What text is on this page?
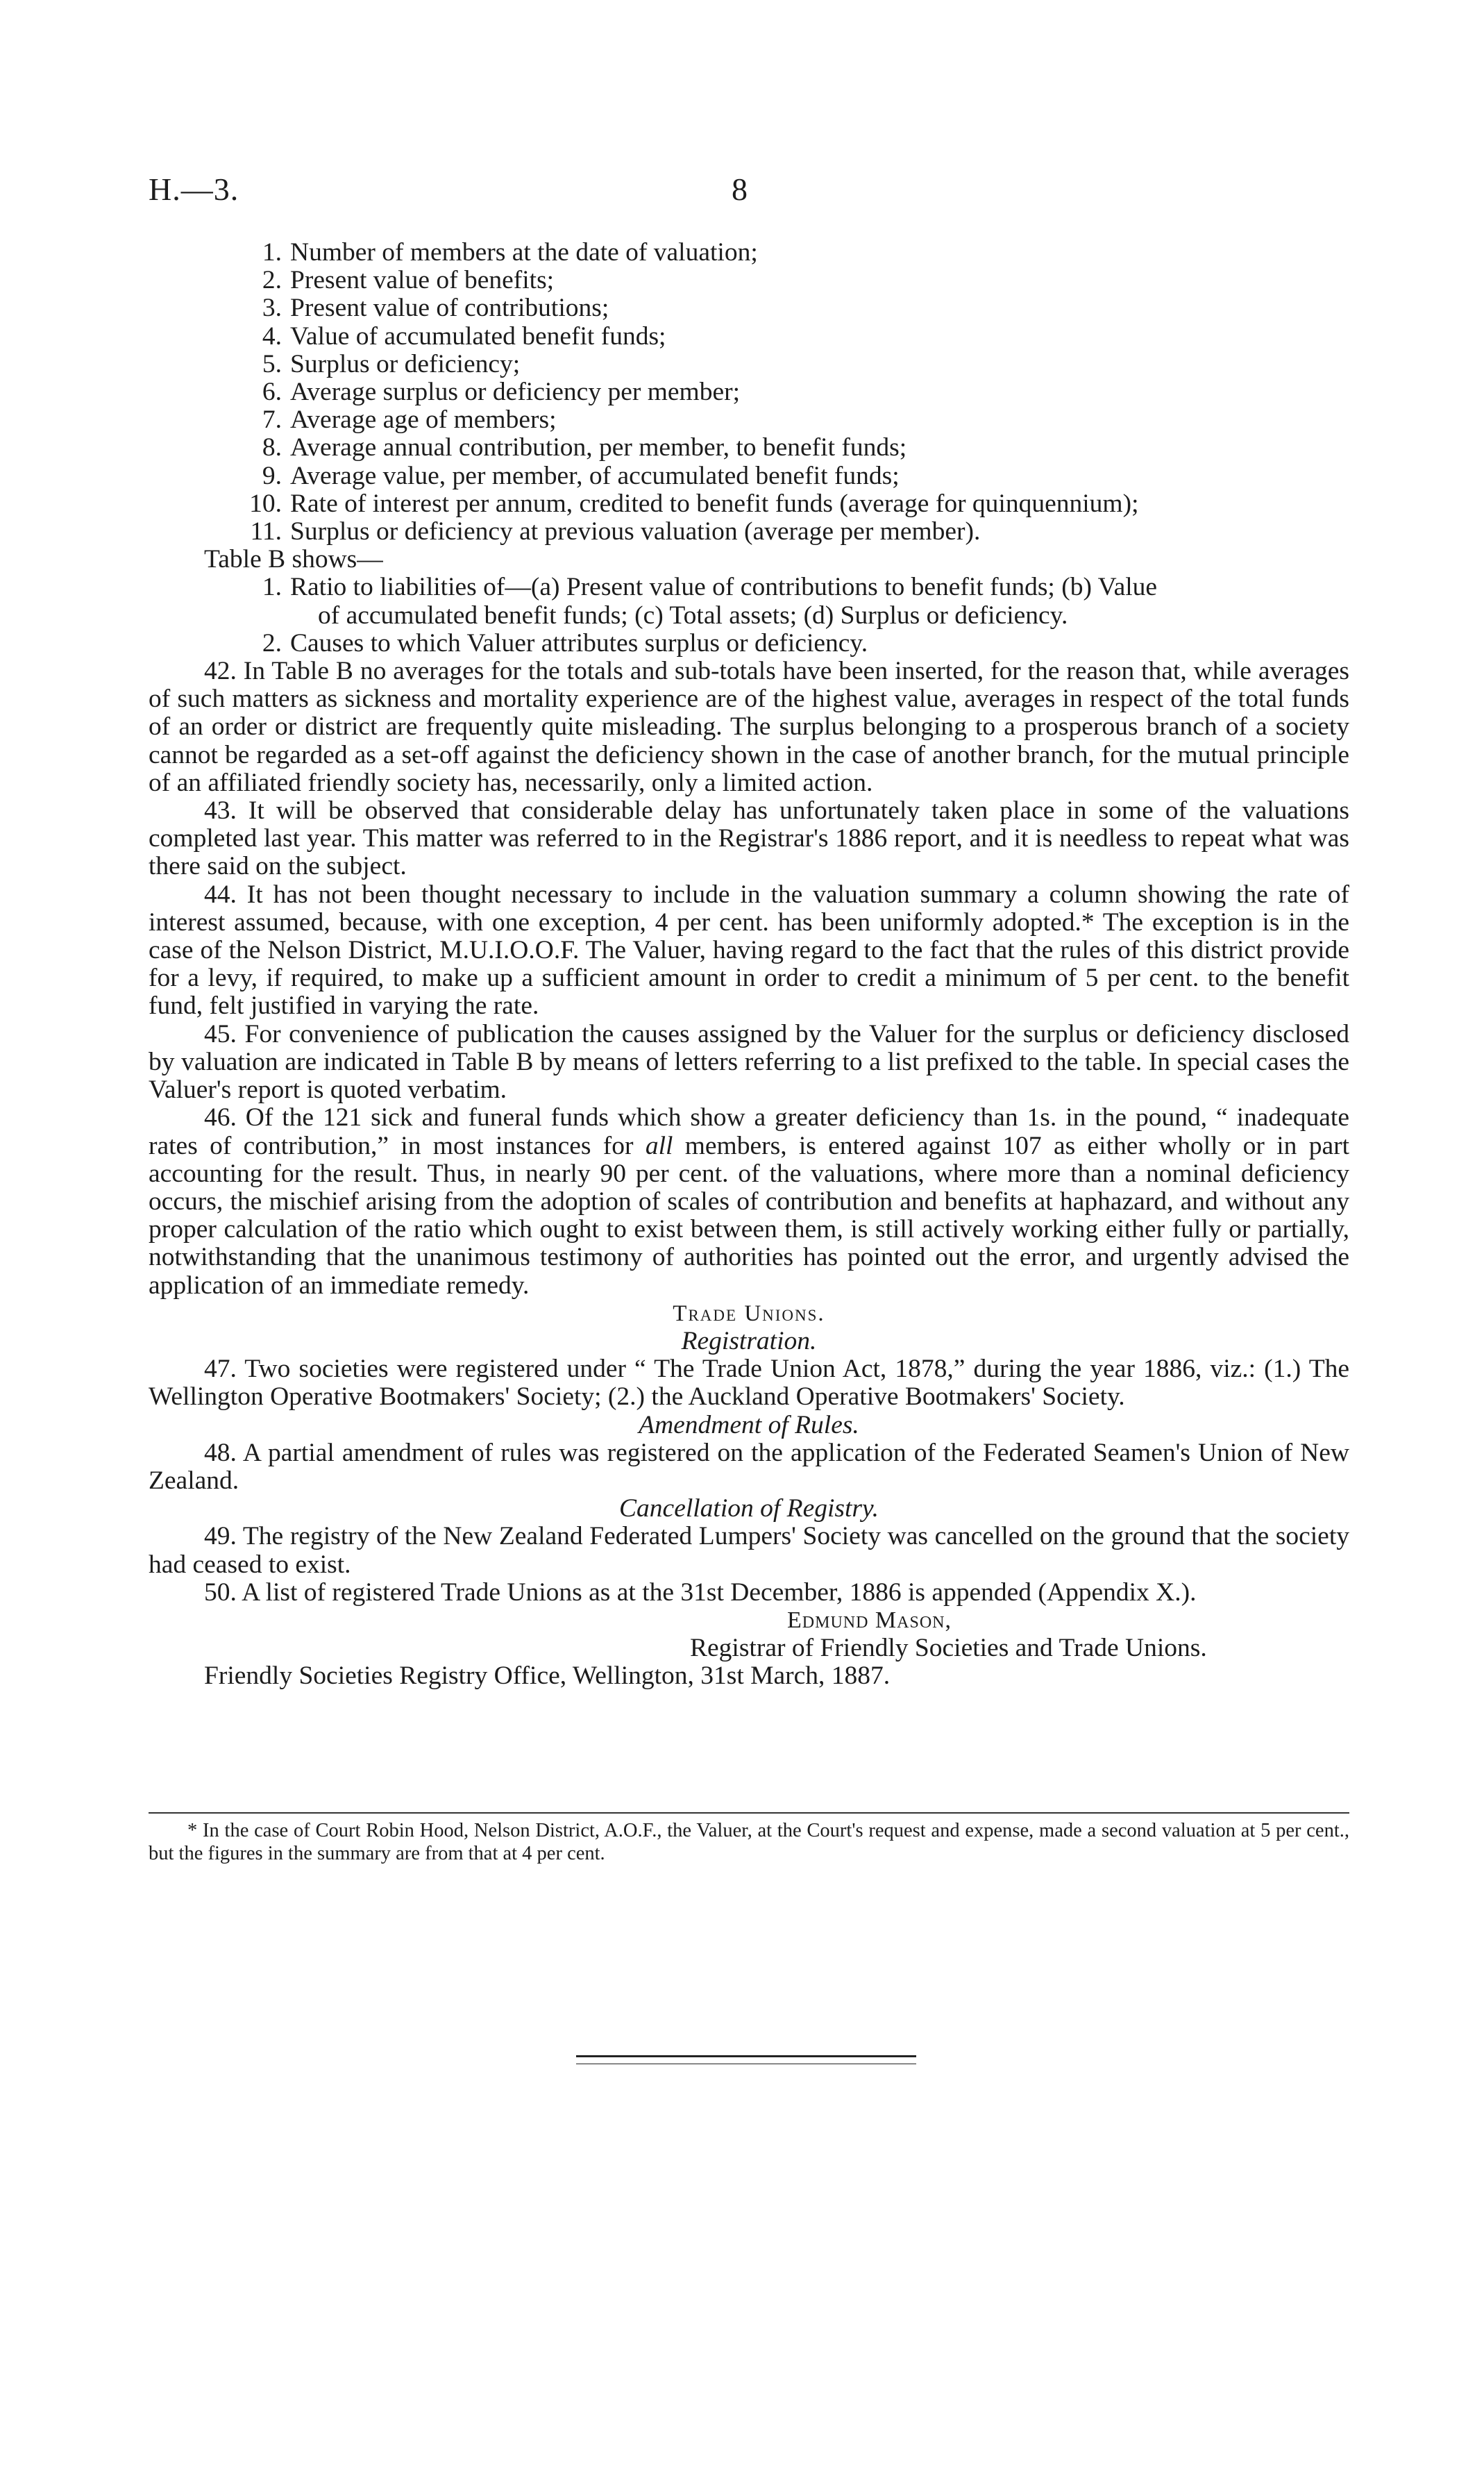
H.—3.	8
1. Number of members at the date of valuation;
2. Present value of benefits;
3. Present value of contributions;
4. Value of accumulated benefit funds;
5. Surplus or deficiency;
6. Average surplus or deficiency per member;
7. Average age of members;
8. Average annual contribution, per member, to benefit funds;
9. Average value, per member, of accumulated benefit funds;
10. Rate of interest per annum, credited to benefit funds (average for quinquennium);
11. Surplus or deficiency at previous valuation (average per member).

Table B shows—

1. Ratio to liabilities of—(a) Present value of contributions to benefit funds; (b) Value
of accumulated benefit funds; (c) Total assets; (d) Surplus or deficiency.
2. Causes to which Valuer attributes surplus or deficiency.

42. In Table B no averages for the totals and sub-totals have been inserted, for the reason that, while averages of such matters as sickness and mortality experience are of the highest value, averages in respect of the total funds of an order or district are frequently quite misleading. The surplus belonging to a prosperous branch of a society cannot be regarded as a set-off against the deficiency shown in the case of another branch, for the mutual principle of an affiliated friendly society has, necessarily, only a limited action.

43. It will be observed that considerable delay has unfortunately taken place in some of the valuations completed last year. This matter was referred to in the Registrar's 1886 report, and it is needless to repeat what was there said on the subject.

44. It has not been thought necessary to include in the valuation summary a column showing the rate of interest assumed, because, with one exception, 4 per cent. has been uniformly adopted.* The exception is in the case of the Nelson District, M.U.I.O.O.F. The Valuer, having regard to the fact that the rules of this district provide for a levy, if required, to make up a sufficient amount in order to credit a minimum of 5 per cent. to the benefit fund, felt justified in varying the rate.

45. For convenience of publication the causes assigned by the Valuer for the surplus or deficiency disclosed by valuation are indicated in Table B by means of letters referring to a list prefixed to the table. In special cases the Valuer's report is quoted verbatim.

46. Of the 121 sick and funeral funds which show a greater deficiency than 1s. in the pound, “ inadequate rates of contribution,” in most instances for all members, is entered against 107 as either wholly or in part accounting for the result. Thus, in nearly 90 per cent. of the valuations, where more than a nominal deficiency occurs, the mischief arising from the adoption of scales of contribution and benefits at haphazard, and without any proper calculation of the ratio which ought to exist between them, is still actively working either fully or partially, notwithstanding that the unanimous testimony of authorities has pointed out the error, and urgently advised the application of an immediate remedy.

Trade Unions.

Registration.

47. Two societies were registered under “ The Trade Union Act, 1878,” during the year 1886, viz.: (1.) The Wellington Operative Bootmakers' Society; (2.) the Auckland Operative Bootmakers' Society.

Amendment of Rules.

48. A partial amendment of rules was registered on the application of the Federated Seamen's Union of New Zealand.

Cancellation of Registry.

49. The registry of the New Zealand Federated Lumpers' Society was cancelled on the ground that the society had ceased to exist.

50. A list of registered Trade Unions as at the 31st December, 1886 is appended (Appendix X.).

Edmund Mason,

Registrar of Friendly Societies and Trade Unions.

Friendly Societies Registry Office, Wellington, 31st March, 1887.

* In the case of Court Robin Hood, Nelson District, A.O.F., the Valuer, at the Court's request and expense, made a second valuation at 5 per cent., but the figures in the summary are from that at 4 per cent.
